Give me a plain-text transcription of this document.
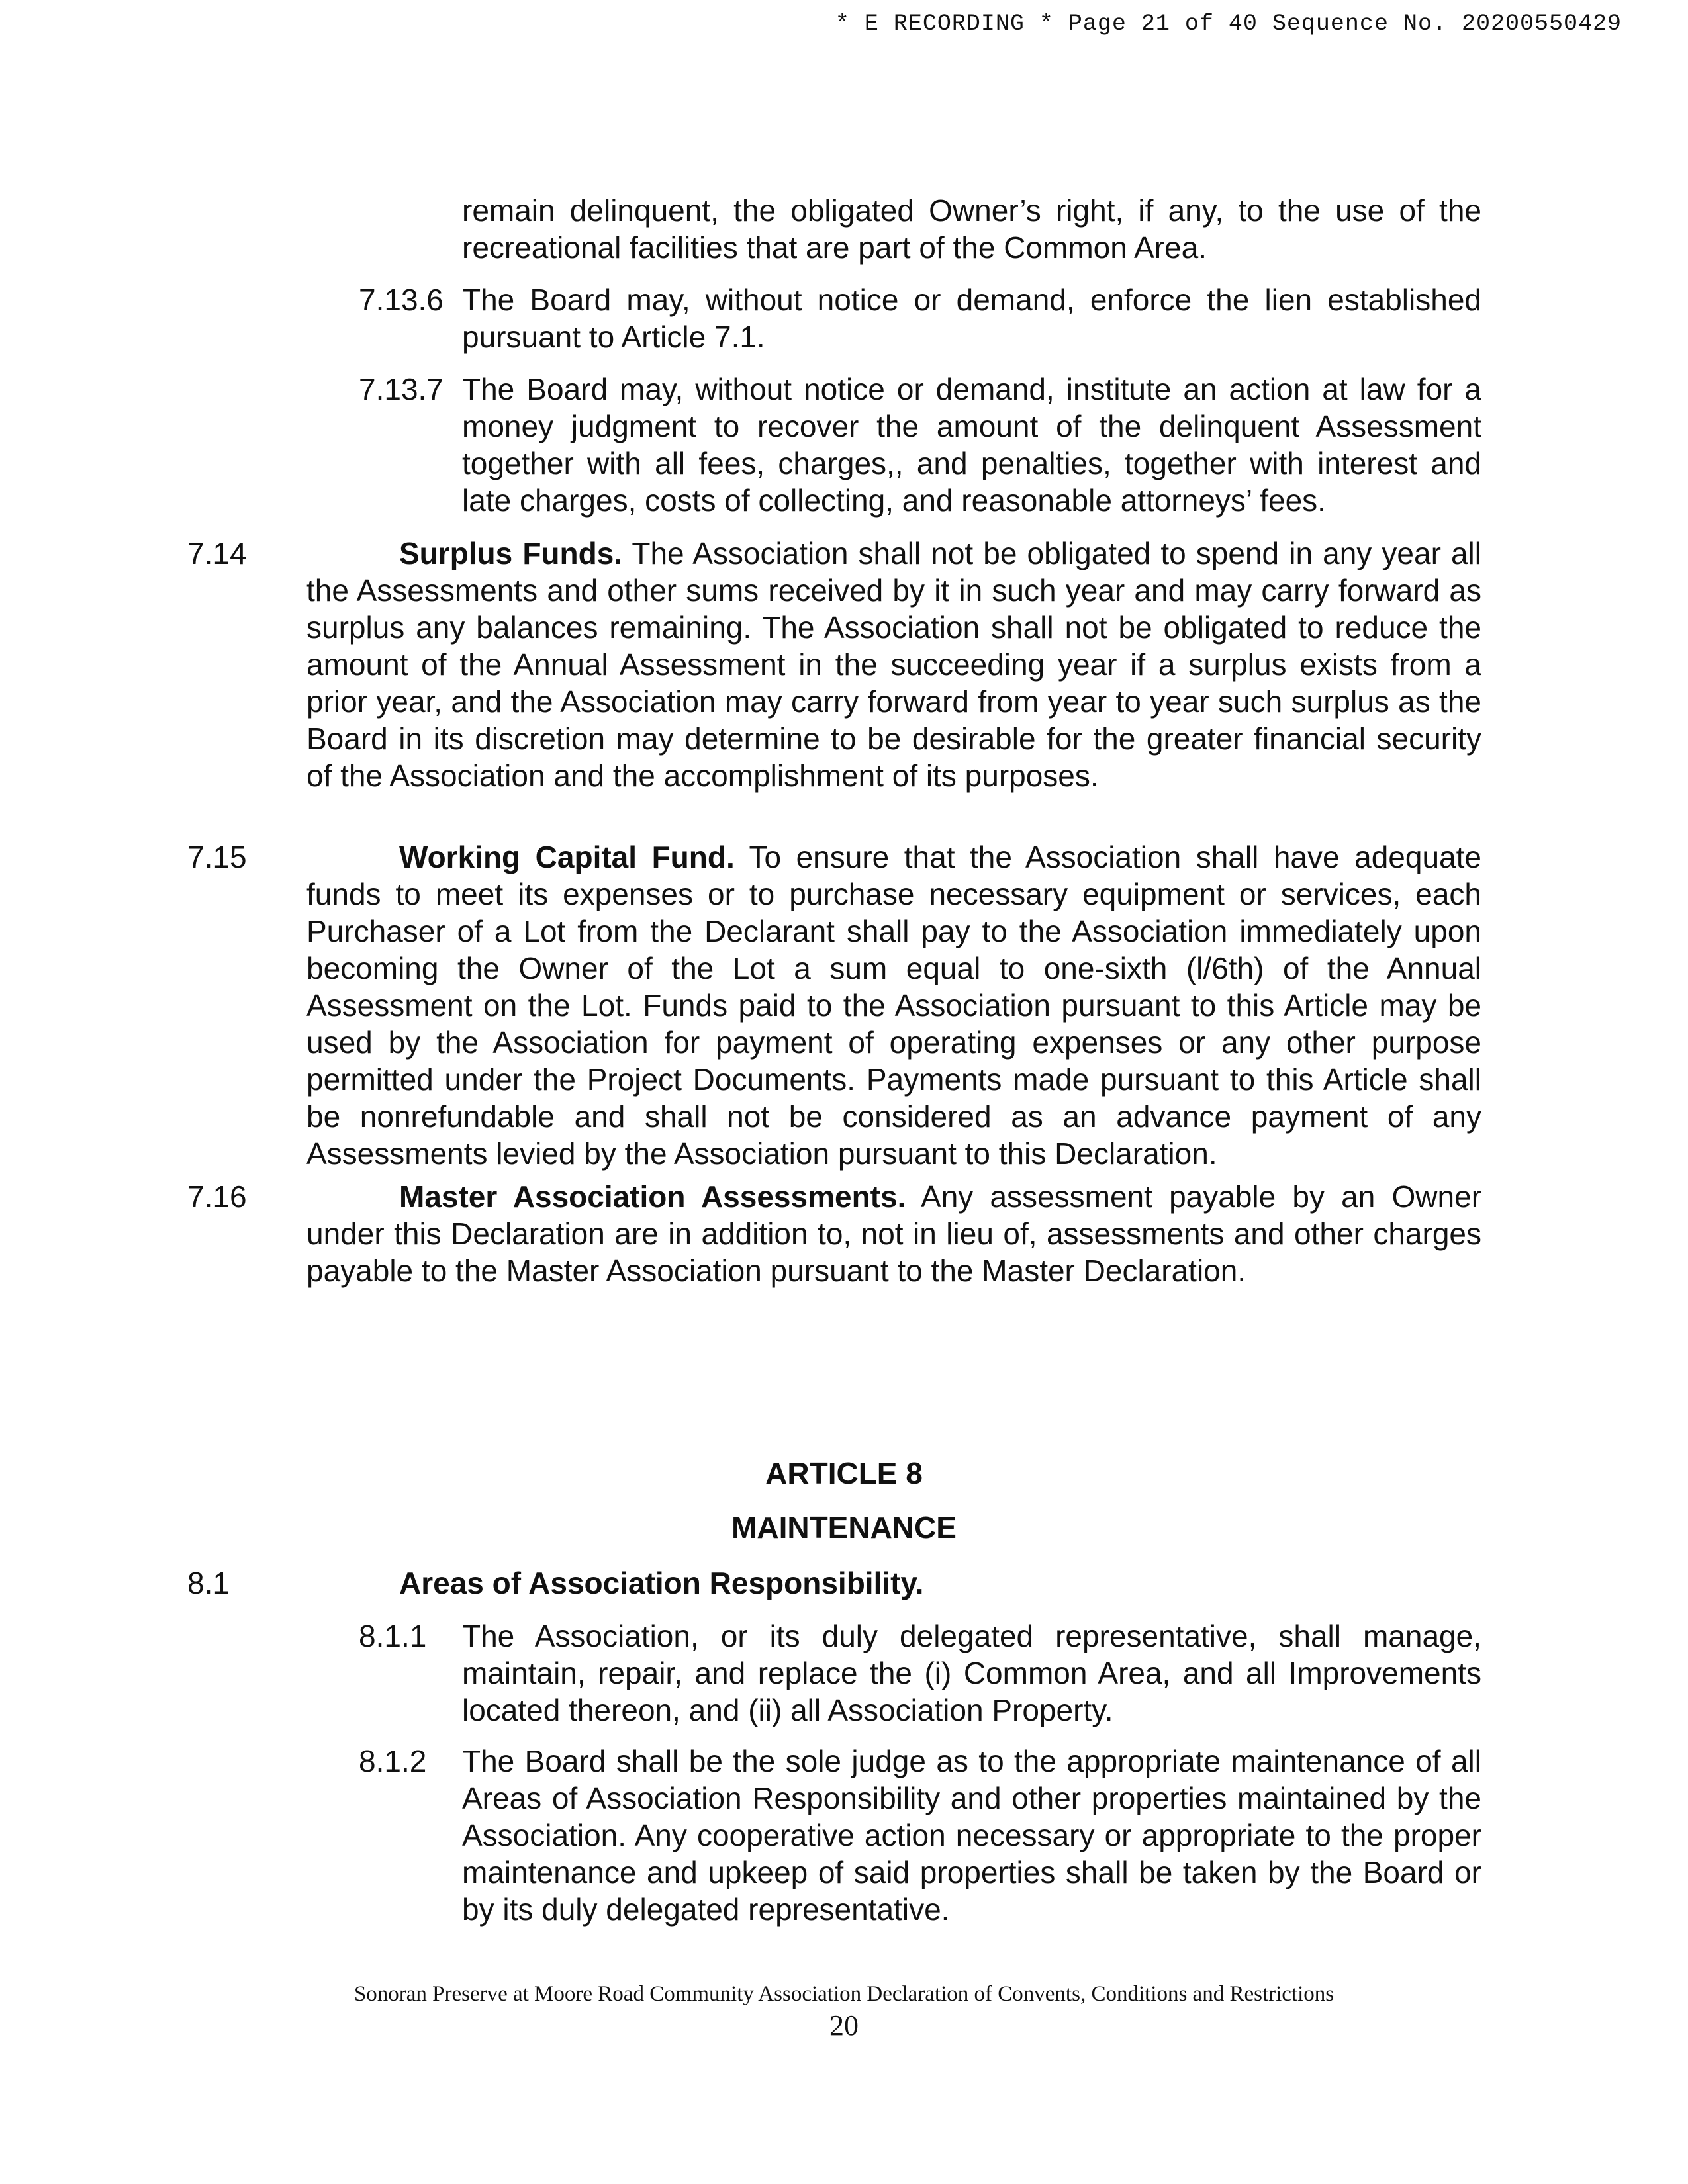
* E RECORDING * Page 21 of 40 Sequence No. 20200550429
remain delinquent, the obligated Owner’s right, if any, to the use of the recreational facilities that are part of the Common Area.
7.13.6 The Board may, without notice or demand, enforce the lien established pursuant to Article 7.1.
7.13.7 The Board may, without notice or demand, institute an action at law for a money judgment to recover the amount of the delinquent Assessment together with all fees, charges,, and penalties, together with interest and late charges, costs of collecting, and reasonable attorneys’ fees.
7.14	Surplus Funds. The Association shall not be obligated to spend in any year all the Assessments and other sums received by it in such year and may carry forward as surplus any balances remaining. The Association shall not be obligated to reduce the amount of the Annual Assessment in the succeeding year if a surplus exists from a prior year, and the Association may carry forward from year to year such surplus as the Board in its discretion may determine to be desirable for the greater financial security of the Association and the accomplishment of its purposes.
7.15	Working Capital Fund. To ensure that the Association shall have adequate funds to meet its expenses or to purchase necessary equipment or services, each Purchaser of a Lot from the Declarant shall pay to the Association immediately upon becoming the Owner of the Lot a sum equal to one-sixth (l/6th) of the Annual Assessment on the Lot. Funds paid to the Association pursuant to this Article may be used by the Association for payment of operating expenses or any other purpose permitted under the Project Documents. Payments made pursuant to this Article shall be nonrefundable and shall not be considered as an advance payment of any Assessments levied by the Association pursuant to this Declaration.
7.16	Master Association Assessments. Any assessment payable by an Owner under this Declaration are in addition to, not in lieu of, assessments and other charges payable to the Master Association pursuant to the Master Declaration.
ARTICLE 8
MAINTENANCE
8.1	Areas of Association Responsibility.
8.1.1	The Association, or its duly delegated representative, shall manage, maintain, repair, and replace the (i) Common Area, and all Improvements located thereon, and (ii) all Association Property.
8.1.2	The Board shall be the sole judge as to the appropriate maintenance of all Areas of Association Responsibility and other properties maintained by the Association. Any cooperative action necessary or appropriate to the proper maintenance and upkeep of said properties shall be taken by the Board or by its duly delegated representative.
Sonoran Preserve at Moore Road Community Association Declaration of Convents, Conditions and Restrictions
20
